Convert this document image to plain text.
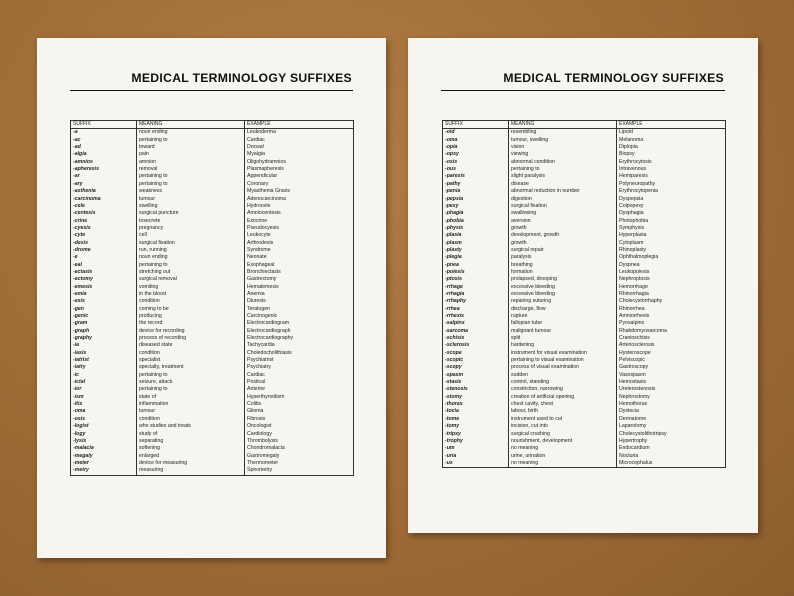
MEDICAL TERMINOLOGY SUFFIXES
SUFFIX	MEANING	EXAMPLE
-a	noun ending	Leukoderma
-ac	pertaining to	Cardiac
-ad	toward	Dorsad
-algia	pain	Myalgia
-amnios	amnion	Oligohydramnios
-apheresis	removal	Plasmapheresis
-ar	pertaining to	Appendicular
-ary	pertaining to	Coronary
-asthenia	weakness	Myasthenia Gravis
-carcinoma	tumour	Adenocarcinoma
-cele	swelling	Hydrocele
-centesis	surgical puncture	Amniocentesis
-crine	tosecrete	Exocrine
-cyesis	pregnancy	Pseudocyesis
-cyte	cell	Leukocyte
-desis	surgical fixation	Arthrodesis
-drome	run, running	Syndrome
-e	noun ending	Neonate
-eal	pertaining to	Esophageal
-ectasis	stretching out	Bronchiectasis
-ectomy	surgical removal	Gastrectomy
-emesis	vomiting	Hematemesis
-emia	in the blood	Anemia
-esis	condition	Diuresis
-gen	coming to be	Teratogen
-genic	producing	Carcinogenic
-gram	the record	Electrocardiogram
-graph	device for recording	Electrocardiograph
-graphy	process of recording	Electrocardiography
-ia	diseased state	Tachycardia
-iasis	condition	Choledocholithiasis
-iatrist	specialist	Psychiatrist
-iatry	specialty, treatment	Psychiatry
-ic	pertaining to	Cardiac
-ictal	seizure, attack	Postical
-ior	pertaining to	Anterior
-ism	state of	Hyperthyroidism
-itis	inflammation	Colitis
-oma	tumour	Glioma
-osis	condition	Fibrosis
-logist	who studies and treats	Oncologist
-logy	study of	Cardiology
-lysis	separating	Thrombolysis
-malacia	softening	Chondromalacia
-megaly	enlarged	Gastromegaly
-meter	device for measuring	Thermometer
-metry	measuring	Spirometry
MEDICAL TERMINOLOGY SUFFIXES
SUFFIX	MEANING	EXAMPLE
-oid	resembling	Lipoid
-oma	tumour, swelling	Melanoma
-opia	vision	Diplopia
-opsy	viewing	Biopsy
-osis	abnormal condition	Erythrocytosis
-ous	pertaining to	Intravenous
-paresis	slight paralysis	Hemiparesis
-pathy	disease	Polyneuropathy
-penia	abnormal reduction in number	Erythrocytopenia
-pepsia	digestion	Dyspepsia
-pexy	surgical fixation	Colpopexy
-phagia	swallowing	Dysphagia
-phobia	aversion	Photophobia
-physis	growth	Symphysis
-plasia	development, growth	Hyperplasia
-plasm	growth	Cytoplasm
-plasty	surgical repair	Rhinoplasty
-plegia	paralysis	Ophthalmoplegia
-pnea	breathing	Dyspnea
-poiesis	formation	Leukopoiesis
-ptosis	prolapsed, drooping	Nephroptosis
-rrhage	excessive bleeding	Hemorrhage
-rrhagia	excessive bleeding	Rhinorrhagia
-rrhaphy	repairing suturing	Cholecystorrhaphy
-rrhea	discharge, flow	Rhinorrhea
-rrhexis	rupture	Amniorrhexis
-salpinx	fallopian tube	Pyosalpinx
-sarcoma	malignant tumour	Rhabdomyosarcoma
-schisis	split	Cranioschisis
-sclerosis	hardening	Arteriosclerosis
-scope	instrument for visual examination	Hysteroscope
-scopic	pertaining to visual examination	Pelviscopic
-scopy	process of visual examination	Gastroscopy
-spasm	sudden	Vasospasm
-stasis	control, standing	Hemostasis
-stenosis	constriction, narrowing	Ureterostenosis
-stomy	creation of artificial opening	Nephrostomy
-thorax	chest cavity, chest	Hemothorax
-tocia	labour, birth	Dystocia
-tome	instrument used to cut	Dermatome
-tomy	incision, cut into	Laparotomy
-tripsy	surgical crushing	Cholecystolithotripsy
-trophy	nourishment, development	Hypertrophy
-um	no meaning	Endocardium
-uria	urine, urination	Nocturia
-us	no meaning	Microcephalus
